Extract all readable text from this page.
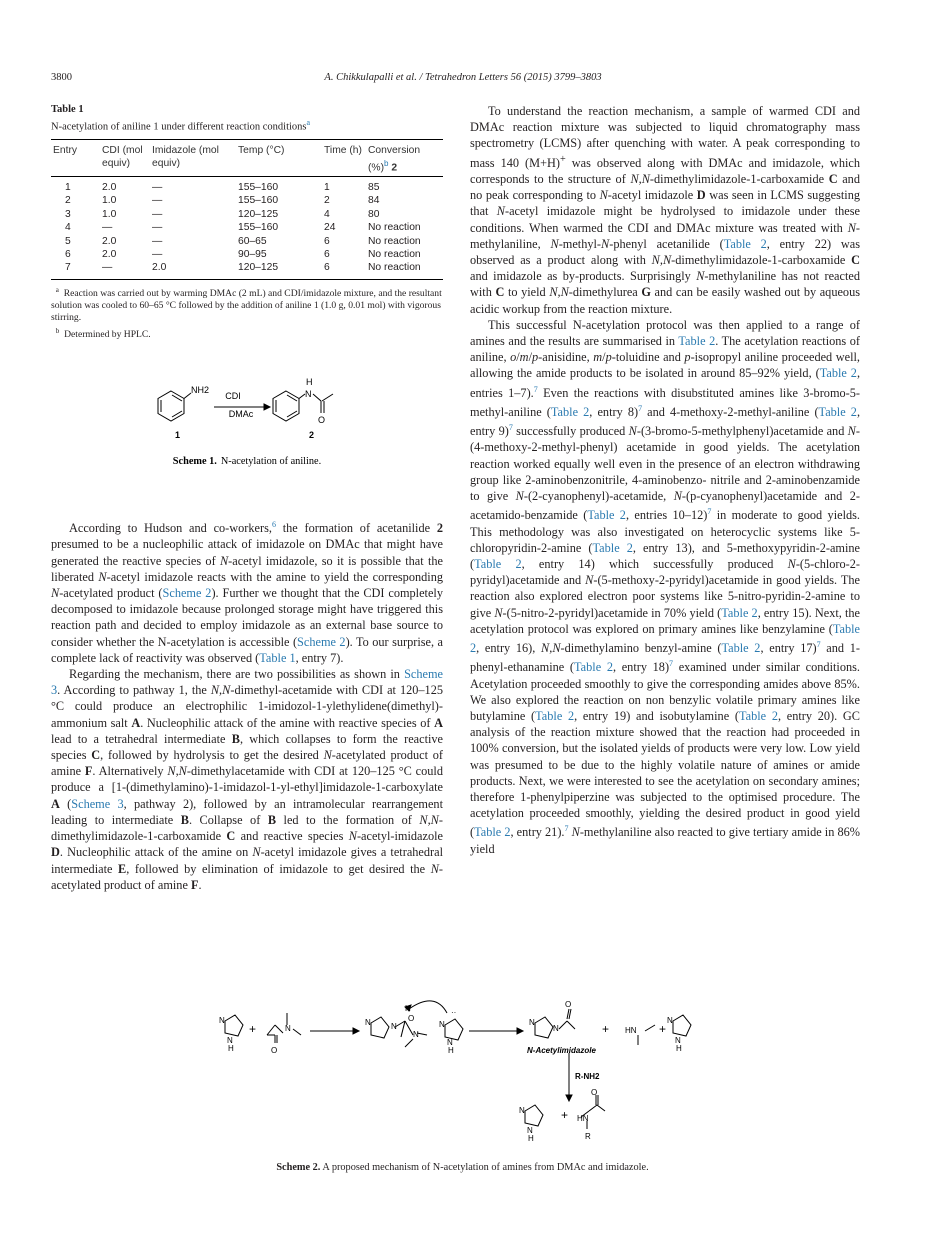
3800	A. Chikkulapalli et al. / Tetrahedron Letters 56 (2015) 3799–3803
Table 1
N-acetylation of aniline 1 under different reaction conditions$^a$
Entry	CDI (mol equiv)	Imidazole (mol equiv)	Temp (°C)	Time (h)	Conversion (%)$^b$ 2
1	2.0	—	155–160	1	85
2	1.0	—	155–160	2	84
3	1.0	—	120–125	4	80
4	—	—	155–160	24	No reaction
5	2.0	—	60–65	6	No reaction
6	2.0	—	90–95	6	No reaction
7	—	2.0	120–125	6	No reaction
$^a$ Reaction was carried out by warming DMAc (2 mL) and CDI/imidazole mixture, and the resultant solution was cooled to 60–65 °C followed by the addition of aniline 1 (1.0 g, 0.01 mol) with vigorous stirring.
$^b$ Determined by HPLC.
NH2
CDI
DMAc
H
N
O
1	2
Scheme 1. N-acetylation of aniline.

According to Hudson and co-workers,$^6$ the formation of acetanilide 2 presumed to be a nucleophilic attack of imidazole on DMAc that might have generated the reactive species of N-acetyl imidazole, so it is possible that the liberated N-acetyl imidazole reacts with the amine to yield the corresponding N-acetylated product (Scheme 2). Further we thought that the CDI completely decomposed to imidazole because prolonged storage might have triggered this reaction path and decided to employ imidazole as an external base source to consider whether the N-acetylation is accessible (Scheme 2). To our surprise, a complete lack of reactivity was observed (Table 1, entry 7).

Regarding the mechanism, there are two possibilities as shown in Scheme 3. According to pathway 1, the N,N-dimethyl-acetamide with CDI at 120–125 °C could produce an electrophilic 1-imidozol-1-ylethylidene(dimethyl)-ammonium salt A. Nucleophilic attack of the amine with reactive species of A lead to a tetrahedral intermediate B, which collapses to form the reactive species C, followed by hydrolysis to get the desired N-acetylated product of amine F. Alternatively N,N-dimethylacetamide with CDI at 120–125 °C could produce a [1-(dimethylamino)-1-imidazol-1-yl-ethyl]imidazole-1-carboxylate A (Scheme 3, pathway 2), followed by an intramolecular rearrangement leading to intermediate B. Collapse of B led to the formation of N,N-dimethylimidazole-1-carboxamide C and reactive species N-acetyl-imidazole D. Nucleophilic attack of the amine on N-acetyl imidazole gives a tetrahedral intermediate E, followed by elimination of imidazole to get desired the N-acetylated product of amine F.

To understand the reaction mechanism, a sample of warmed CDI and DMAc reaction mixture was subjected to liquid chromatography mass spectrometry (LCMS) after quenching with water. A peak corresponding to mass 140 (M+H)+ was observed along with DMAc and imidazole, which corresponds to the structure of N,N-dimethylimidazole-1-carboxamide C and no peak corresponding to N-acetyl imidazole D was seen in LCMS suggesting that N-acetyl imidazole might be hydrolysed to imidazole under these conditions. When warmed the CDI and DMAc mixture was treated with N-methylaniline, N-methyl-N-phenyl acetanilide (Table 2, entry 22) was observed as a product along with N,N-dimethylimidazole-1-carboxamide C and imidazole as by-products. Surprisingly N-methylaniline has not reacted with C to yield N,N-dimethylurea G and can be easily washed out by aqueous acidic workup from the reaction mixture.

This successful N-acetylation protocol was then applied to a range of amines and the results are summarised in Table 2. The acetylation reactions of aniline, o/m/p-anisidine, m/p-toluidine and p-isopropyl aniline proceeded well, allowing the amide products to be isolated in around 85–92% yield, (Table 2, entries 1–7).$^7$ Even the reactions with disubstituted amines like 3-bromo-5-methyl-aniline (Table 2, entry 8)$^7$ and 4-methoxy-2-methyl-aniline (Table 2, entry 9)$^7$ successfully produced N-(3-bromo-5-methylphenyl)acetamide and N-(4-methoxy-2-methyl-phenyl) acetamide in good yields. The acetylation reaction worked equally well even in the presence of an electron withdrawing group like 2-aminobenzonitrile, 4-aminobenzo- nitrile and 2-aminobenzamide to give N-(2-cyanophenyl)-acetamide, N-(p-cyanophenyl)acetamide and 2-acetamido-benzamide (Table 2, entries 10–12)$^7$ in moderate to good yields. This methodology was also investigated on heterocyclic systems like 5-chloropyridin-2-amine (Table 2, entry 13), and 5-methoxypyridin-2-amine (Table 2, entry 14) which successfully produced N-(5-chloro-2-pyridyl)acetamide and N-(5-methoxy-2-pyridyl)acetamide in good yields. The reaction also explored electron poor systems like 5-nitro-pyridin-2-amine to give N-(5-nitro-2-pyridyl)acetamide in 70% yield (Table 2, entry 15). Next, the acetylation protocol was explored on primary amines like benzylamine (Table 2, entry 16), N,N-dimethylamino benzyl-amine (Table 2, entry 17)$^7$ and 1-phenyl-ethanamine (Table 2, entry 18)$^7$ examined under similar conditions. Acetylation proceeded smoothly to give the corresponding amides above 85%. We also explored the reaction on non benzylic volatile primary amines like butylamine (Table 2, entry 19) and isobutylamine (Table 2, entry 20). GC analysis of the reaction mixture showed that the reaction had proceeded in 100% conversion, but the isolated yields of products were very low. Low yield was presumed to be due to the highly volatile nature of amines or amide products. Next, we were interested to see the acetylation on secondary amines; therefore 1-phenylpiperzine was subjected to the optimised procedure. The acetylation proceeded smoothly, yielding the desired product in good yield (Table 2, entry 21).$^7$ N-methylaniline also reacted to give tertiary amide in 86% yield

N
N
H
+	N
O
N	N
H
O
N
N
N
H
··
N
N
O
+ HN +
N
N
H
N-Acetylimidazole
R-NH2
N
N
H
+ HN
O
R
Scheme 2. A proposed mechanism of N-acetylation of amines from DMAc and imidazole.
